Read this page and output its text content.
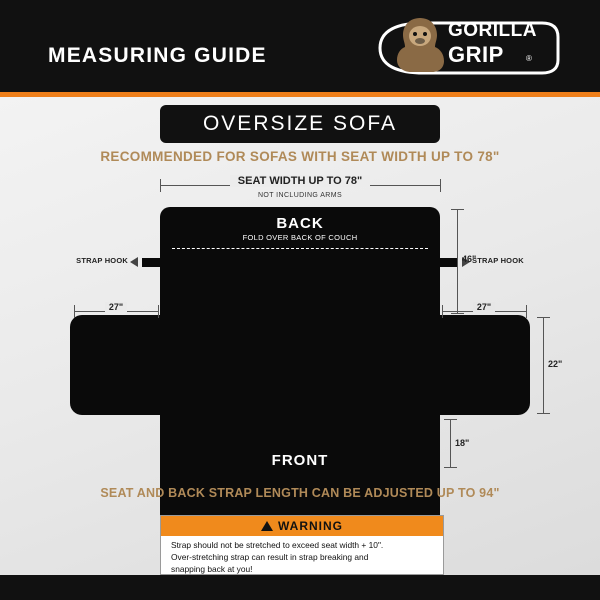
MEASURING GUIDE
GORILLA
GRIP	®
OVERSIZE SOFA
RECOMMENDED FOR SOFAS WITH SEAT WIDTH UP TO 78"
SEAT WIDTH UP TO 78"
NOT INCLUDING ARMS
BACK
FOLD OVER BACK OF COUCH
FRONT
STRAP HOOK	STRAP HOOK
46"
22"
18"
27"	27"
SEAT AND BACK STRAP LENGTH CAN BE ADJUSTED UP TO 94"
WARNING
Strap should not be stretched to exceed seat width + 10".
Over-stretching strap can result in strap breaking and
snapping back at you!
